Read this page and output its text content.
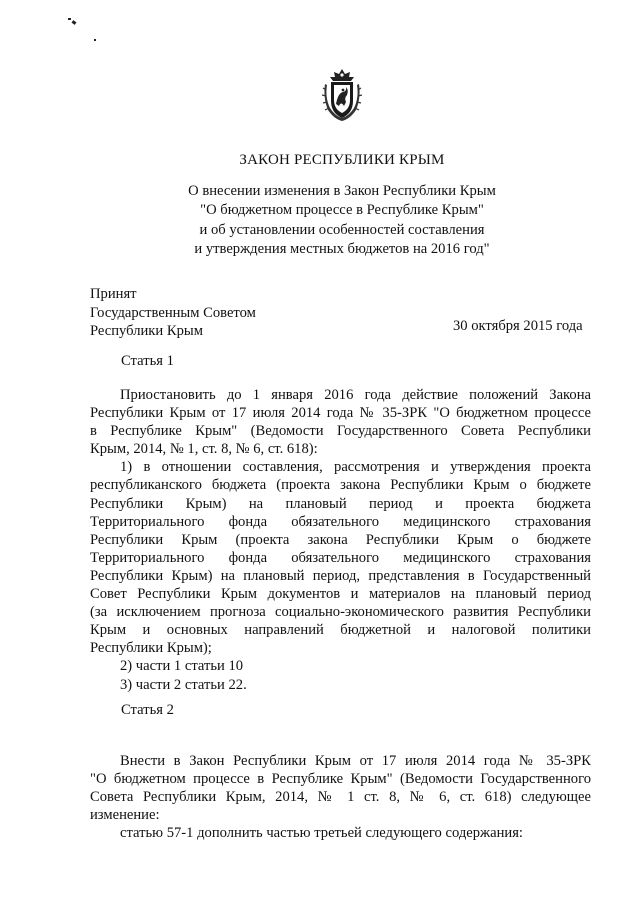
ЗАКОН РЕСПУБЛИКИ КРЫМ
О внесении изменения в Закон Республики Крым
"О бюджетном процессе в Республике Крым"
и об установлении особенностей составления
и утверждения местных бюджетов на 2016 год"
Принят
Государственным Советом
Республики Крым	30 октября 2015 года
Статья 1
Приостановить до 1 января 2016 года действие положений Закона
Республики Крым от 17 июля 2014 года № 35-ЗРК "О бюджетном процессе
в Республике Крым" (Ведомости Государственного Совета Республики
Крым, 2014, № 1, ст. 8, № 6, ст. 618):
1) в отношении составления, рассмотрения и утверждения проекта
республиканского бюджета (проекта закона Республики Крым о бюджете
Республики Крым) на плановый период и проекта бюджета
Территориального фонда обязательного медицинского страхования
Республики Крым (проекта закона Республики Крым о бюджете
Территориального фонда обязательного медицинского страхования
Республики Крым) на плановый период, представления в Государственный
Совет Республики Крым документов и материалов на плановый период
(за исключением прогноза социально-экономического развития Республики
Крым и основных направлений бюджетной и налоговой политики
Республики Крым);
2) части 1 статьи 10
3) части 2 статьи 22.
Статья 2
Внести в Закон Республики Крым от 17 июля 2014 года № 35-ЗРК
"О бюджетном процессе в Республике Крым" (Ведомости Государственного
Совета Республики Крым, 2014, № 1 ст. 8, № 6, ст. 618) следующее
изменение:
статью 57-1 дополнить частью третьей следующего содержания:
